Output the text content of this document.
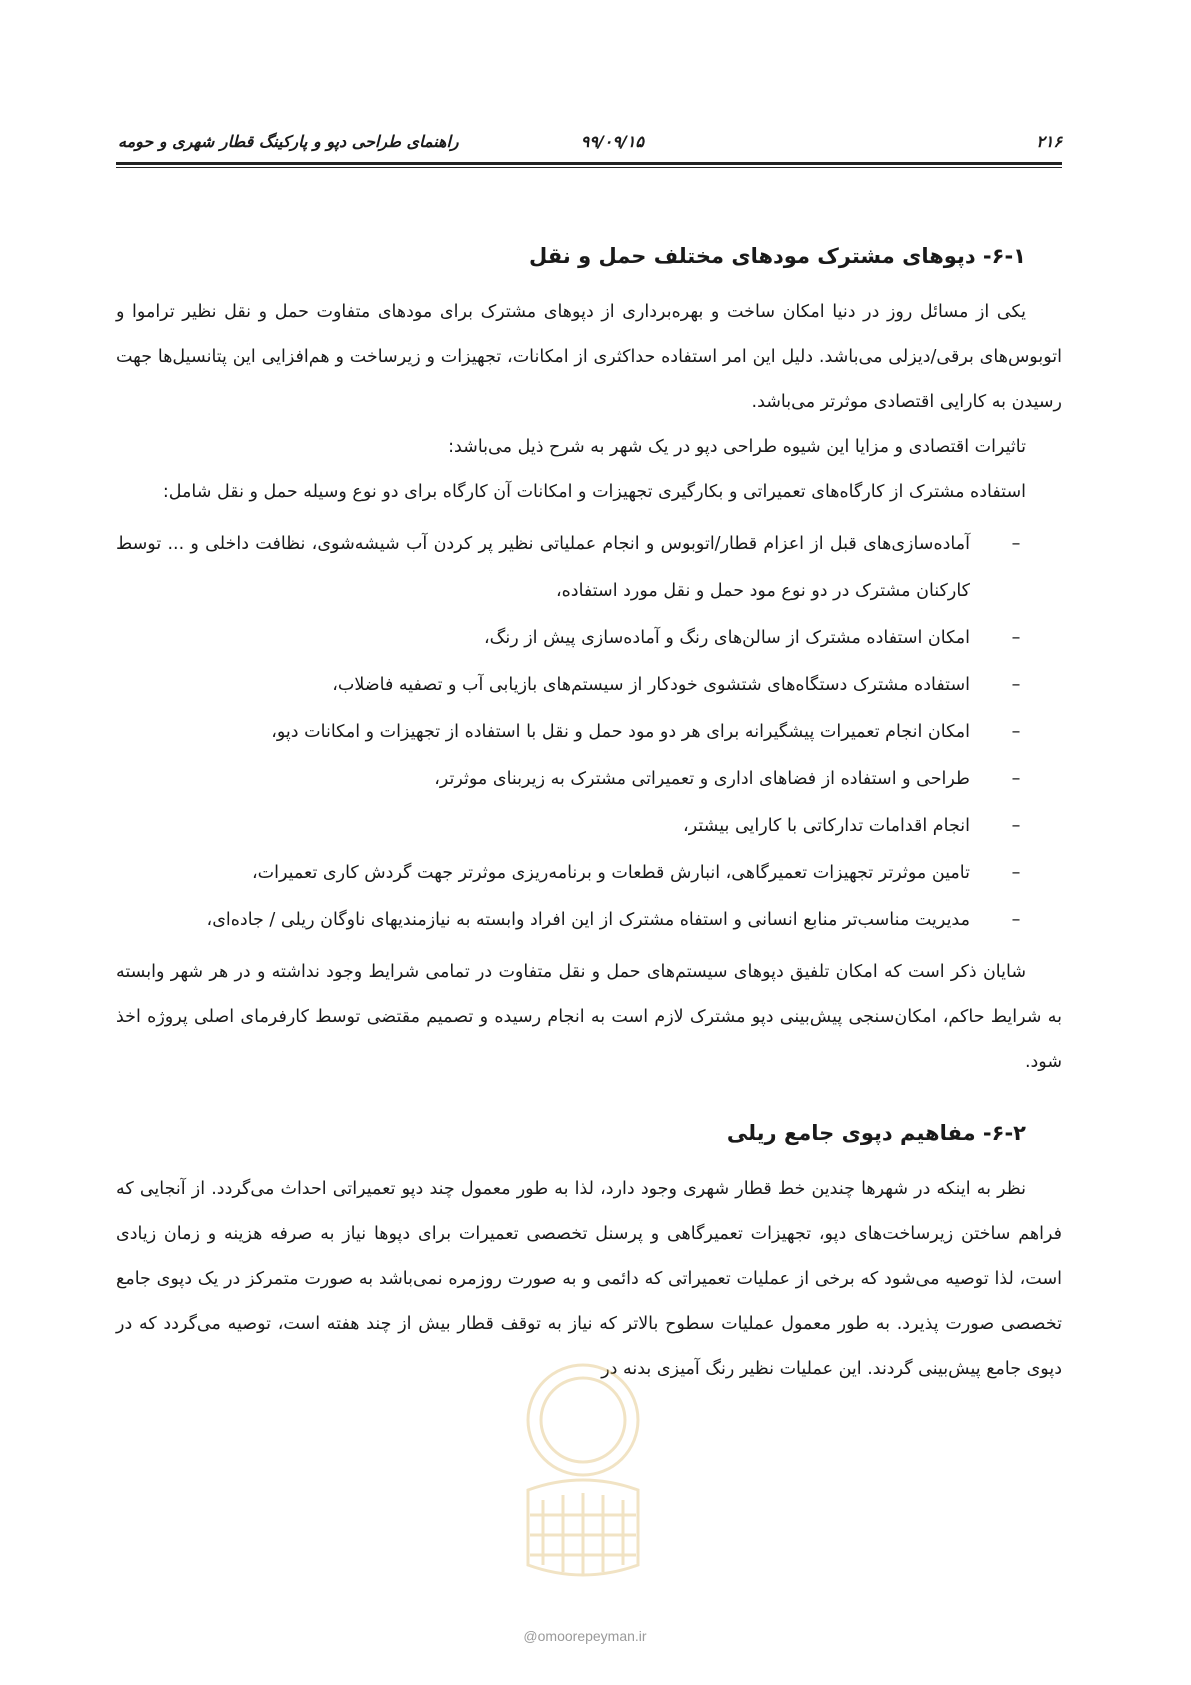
۲۱۶
۹۹/۰۹/۱۵
راهنمای طراحی دپو و پارکینگ قطار شهری و حومه
۶-۱- دپوهای مشترک مودهای مختلف حمل و نقل

یکی از مسائل روز در دنیا امکان ساخت و بهره‌برداری از دپوهای مشترک برای مودهای متفاوت حمل و نقل نظیر تراموا و اتوبوس‌های برقی/دیزلی می‌باشد. دلیل این امر استفاده حداکثری از امکانات، تجهیزات و زیرساخت و هم‌افزایی این پتانسیل‌ها جهت رسیدن به کارایی اقتصادی موثرتر می‌باشد.

تاثیرات اقتصادی و مزایا این شیوه طراحی دپو در یک شهر به شرح ذیل می‌باشد:

استفاده مشترک از کارگاه‌های تعمیراتی و بکارگیری تجهیزات و امکانات آن کارگاه برای دو نوع وسیله حمل و نقل شامل:

–
آماده‌سازی‌های قبل از اعزام قطار/اتوبوس و انجام عملیاتی نظیر پر کردن آب شیشه‌شوی، نظافت داخلی و ... توسط کارکنان مشترک در دو نوع مود حمل و نقل مورد استفاده،
–
امکان استفاده مشترک از سالن‌های رنگ و آماده‌سازی پیش از رنگ،
–
استفاده مشترک دستگاه‌های شتشوی خودکار از سیستم‌های بازیابی آب و تصفیه فاضلاب،
–
امکان انجام تعمیرات پیشگیرانه برای هر دو مود حمل و نقل با استفاده از تجهیزات و امکانات دپو،
–
طراحی و استفاده از فضاهای اداری و تعمیراتی مشترک به زیربنای موثرتر،
–
انجام اقدامات تدارکاتی با کارایی بیشتر،
–
تامین موثرتر تجهیزات تعمیرگاهی، انبارش قطعات و برنامه‌ریزی موثرتر جهت گردش کاری تعمیرات،
–
مدیریت مناسب‌تر منابع انسانی و استفاه مشترک از این افراد وابسته به نیازمندیهای ناوگان ریلی / جاده‌ای،

شایان ذکر است که امکان تلفیق دپوهای سیستم‌های حمل و نقل متفاوت در تمامی شرایط وجود نداشته و در هر شهر وابسته به شرایط حاکم، امکان‌سنجی پیش‌بینی دپو مشترک لازم است به انجام رسیده و تصمیم مقتضی توسط کارفرمای اصلی پروژه اخذ شود.

۶-۲- مفاهیم دپوی جامع ریلی

نظر به اینکه در شهرها چندین خط قطار شهری وجود دارد، لذا به طور معمول چند دپو تعمیراتی احداث می‌گردد. از آنجایی که فراهم ساختن زیرساخت‌های دپو، تجهیزات تعمیرگاهی و پرسنل تخصصی تعمیرات برای دپوها نیاز به صرفه هزینه و زمان زیادی است، لذا توصیه می‌شود که برخی از عملیات تعمیراتی که دائمی و به صورت روزمره نمی‌باشد به صورت متمرکز در یک دپوی جامع تخصصی صورت پذیرد. به طور معمول عملیات سطوح بالاتر که نیاز به توقف قطار بیش از چند هفته است، توصیه می‌گردد که در دپوی جامع پیش‌بینی گردند. این عملیات نظیر رنگ آمیزی بدنه در

@omoorepeyman.ir
